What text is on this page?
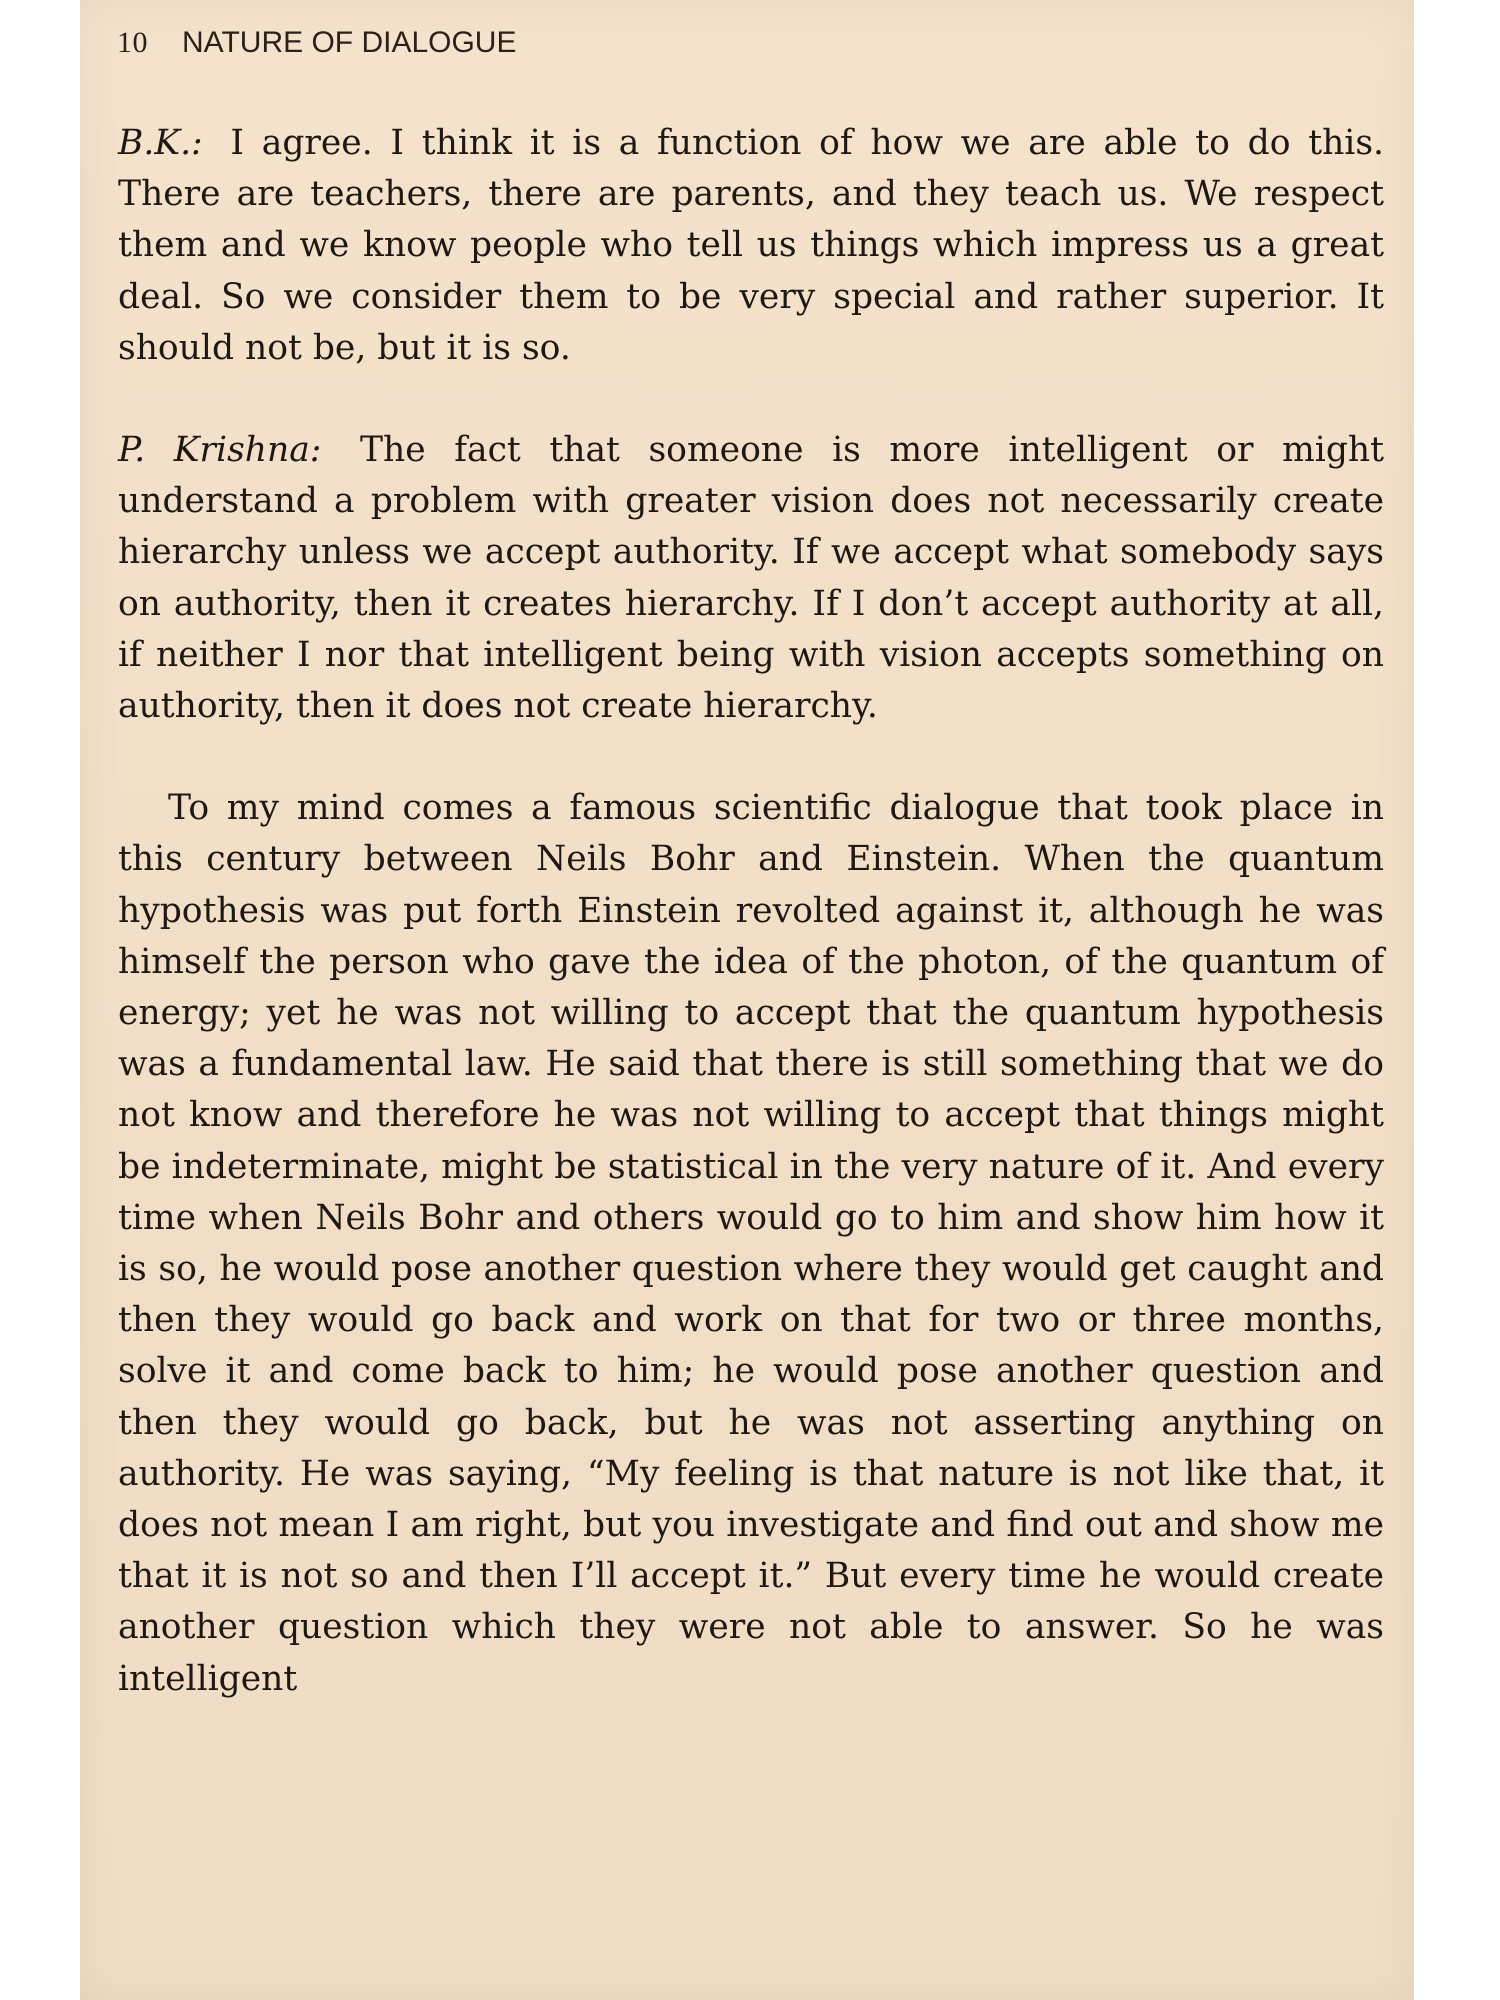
10 NATURE OF DIALOGUE

B.K.: I agree. I think it is a function of how we are able to do this. There are teachers, there are parents, and they teach us. We respect them and we know people who tell us things which impress us a great deal. So we consider them to be very special and rather superior. It should not be, but it is so.

P. Krishna: The fact that someone is more intelligent or might understand a problem with greater vision does not necessarily create hierarchy unless we accept authority. If we accept what somebody says on authority, then it creates hierarchy. If I don’t accept authority at all, if neither I nor that intelligent being with vision accepts something on authority, then it does not create hierarchy.

To my mind comes a famous scientific dialogue that took place in this century between Neils Bohr and Einstein. When the quantum hypothesis was put forth Einstein revolted against it, although he was himself the person who gave the idea of the photon, of the quantum of energy; yet he was not willing to accept that the quantum hypothesis was a fundamental law. He said that there is still something that we do not know and therefore he was not willing to accept that things might be indeterminate, might be statistical in the very nature of it. And every time when Neils Bohr and others would go to him and show him how it is so, he would pose another question where they would get caught and then they would go back and work on that for two or three months, solve it and come back to him; he would pose another question and then they would go back, but he was not asserting anything on authority. He was saying, “My feeling is that nature is not like that, it does not mean I am right, but you investigate and find out and show me that it is not so and then I’ll accept it.” But every time he would create another question which they were not able to answer. So he was intelligent
